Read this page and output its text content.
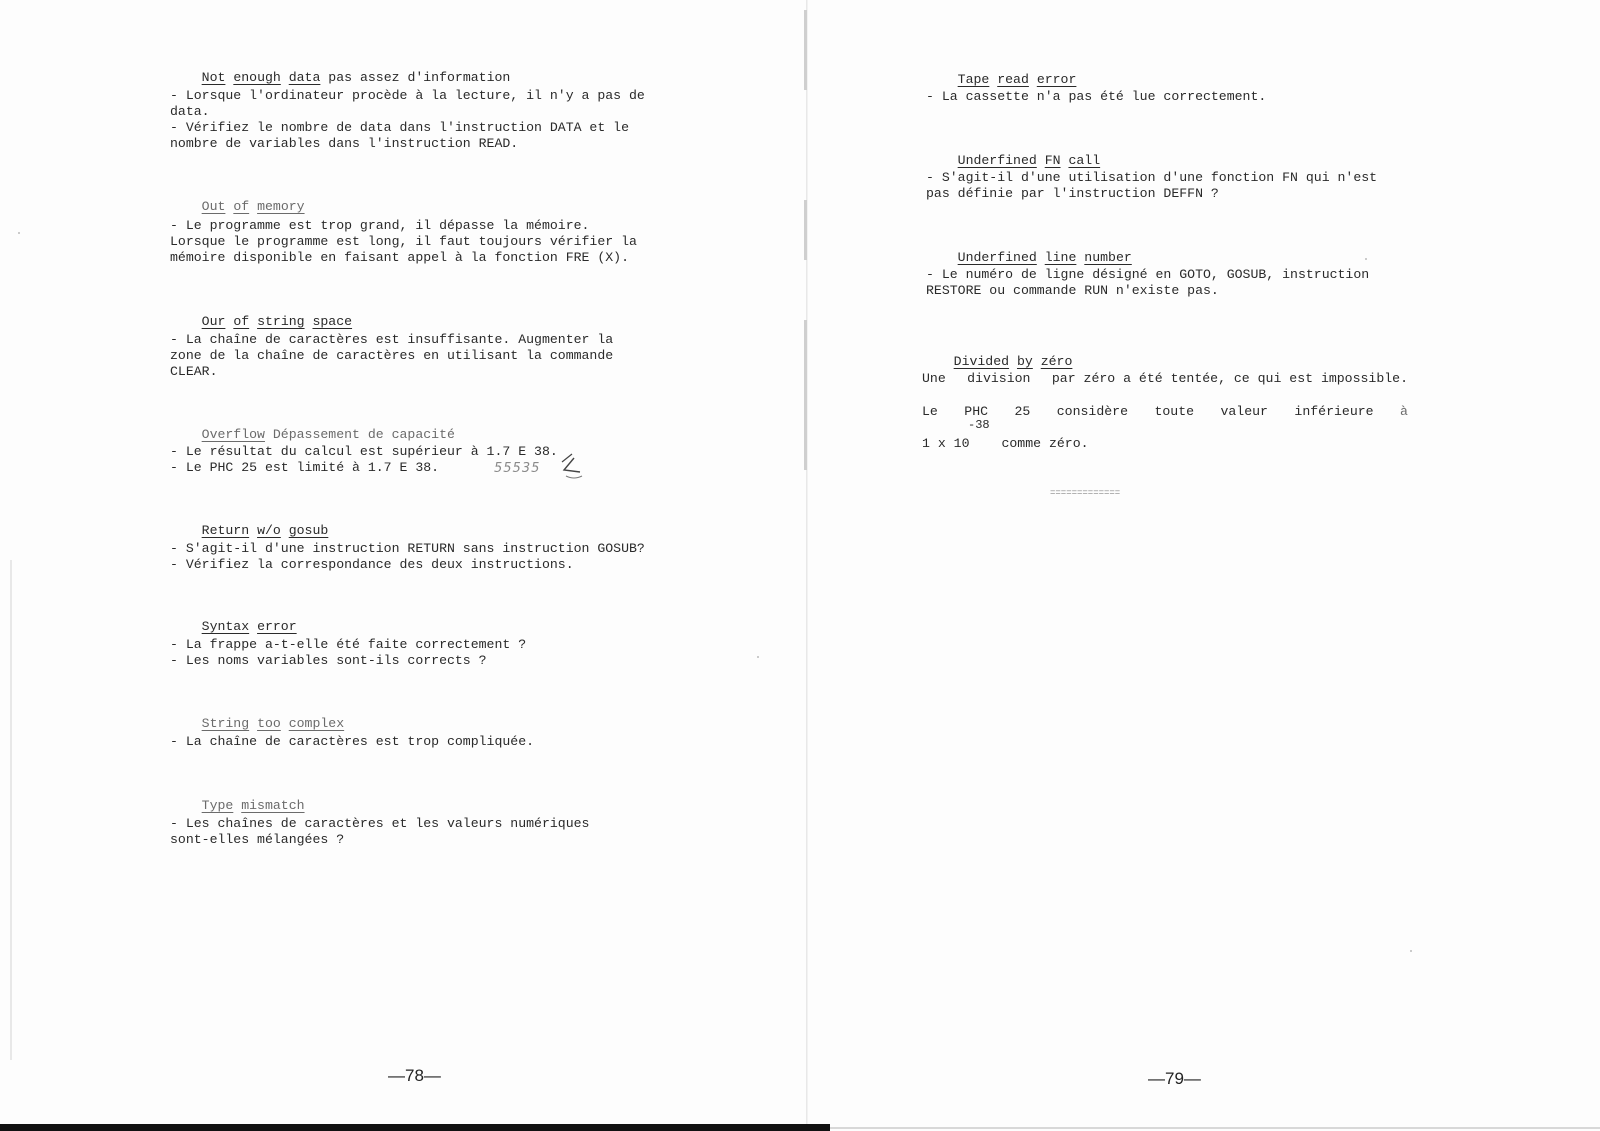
Not enough data pas assez d'information

- Lorsque l'ordinateur procède à la lecture, il n'y a pas de
data.
- Vérifiez le nombre de data dans l'instruction DATA et le
nombre de variables dans l'instruction READ.

Out of memory

- Le programme est trop grand, il dépasse la mémoire.
Lorsque le programme est long, il faut toujours vérifier la
mémoire disponible en faisant appel à la fonction FRE (X).

Our of string space

- La chaîne de caractères est insuffisante. Augmenter la
zone de la chaîne de caractères en utilisant la commande
CLEAR.

Overflow Dépassement de capacité

- Le résultat du calcul est supérieur à 1.7 E 38.
- Le PHC 25 est limité à 1.7 E 38.	55535

Return w/o gosub

- S'agit-il d'une instruction RETURN sans instruction GOSUB?
- Vérifiez la correspondance des deux instructions.

Syntax error

- La frappe a-t-elle été faite correctement ?
- Les noms variables sont-ils corrects ?

String too complex

- La chaîne de caractères est trop compliquée.

Type mismatch

- Les chaînes de caractères et les valeurs numériques
sont-elles mélangées ?
—78—

Tape read error

- La cassette n'a pas été lue correctement.

Underfined FN call

- S'agit-il d'une utilisation d'une fonction FN qui n'est
pas définie par l'instruction DEFFN ?

Underfined line number

- Le numéro de ligne désigné en GOTO, GOSUB, instruction
RESTORE ou commande RUN n'existe pas.

Divided by zéro

Une division par zéro a été tentée, ce qui est impossible.
Le PHC 25 considère toute valeur inférieure à
-38
1 x 10 comme zéro.
=============
—79—
